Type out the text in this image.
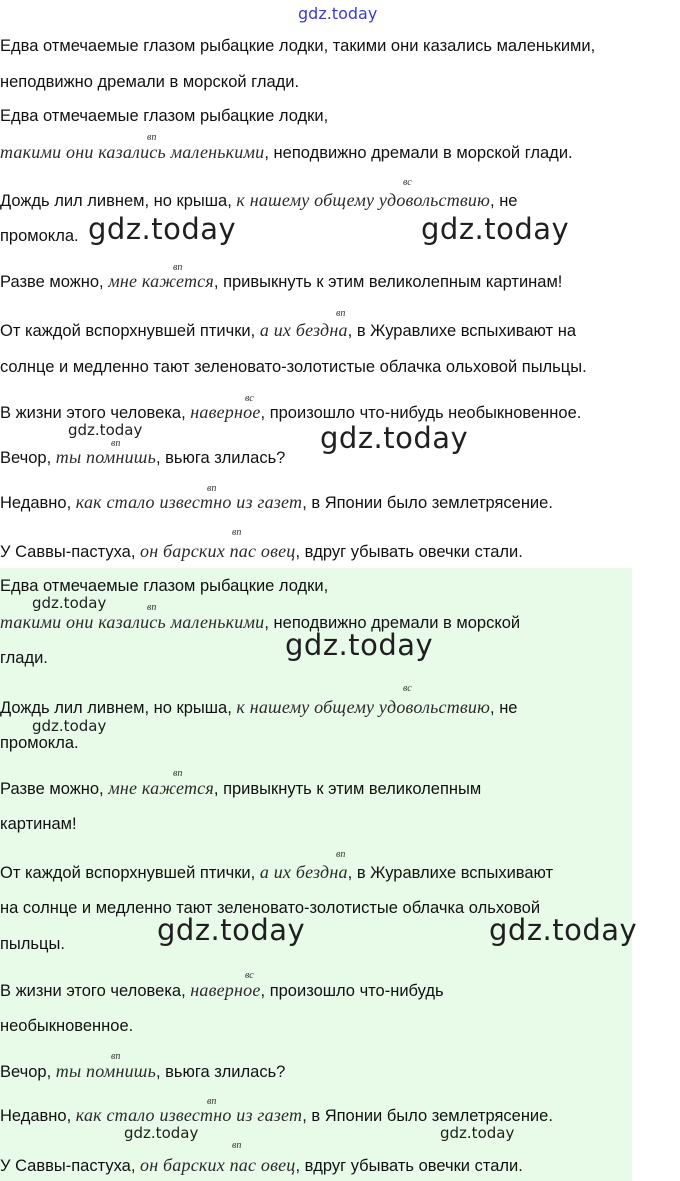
gdz.today
Едва отмечаемые глазом рыбацкие лодки, такими они казались маленькими,
неподвижно дремали в морской глади.
Едва отмечаемые глазом рыбацкие лодки,
вп
такими они казались маленькими, неподвижно дремали в морской глади.
вс
Дождь лил ливнем, но крыша, к нашему общему удовольствию, не
промокла. gdz.today	gdz.today
вп
Разве можно, мне кажется, привыкнуть к этим великолепным картинам!
вп
От каждой вспорхнувшей птички, а их бездна, в Журавлихе вспыхивают на
солнце и медленно тают зеленовато-золотистые облачка ольховой пыльцы.
вс
В жизни этого человека, наверное, произошло что-нибудь необыкновенное.
gdz.today	gdz.today
вп
Вечор, ты помнишь, вьюга злилась?
вп
Недавно, как стало известно из газет, в Японии было землетрясение.
вп
У Саввы-пастуха, он барских пас овец, вдруг убывать овечки стали.
Едва отмечаемые глазом рыбацкие лодки,
gdz.today	вп
такими они казались маленькими, неподвижно дремали в морской
глади.	gdz.today
вс
Дождь лил ливнем, но крыша, к нашему общему удовольствию, не
gdz.today
промокла.
вп
Разве можно, мне кажется, привыкнуть к этим великолепным
картинам!
вп
От каждой вспорхнувшей птички, а их бездна, в Журавлихе вспыхивают
на солнце и медленно тают зеленовато-золотистые облачка ольховой
пыльцы.	gdz.today	gdz.today
вс
В жизни этого человека, наверное, произошло что-нибудь
необыкновенное.
вп
Вечор, ты помнишь, вьюга злилась?
вп
Недавно, как стало известно из газет, в Японии было землетрясение.
gdz.today	gdz.today
вп
У Саввы-пастуха, он барских пас овец, вдруг убывать овечки стали.
